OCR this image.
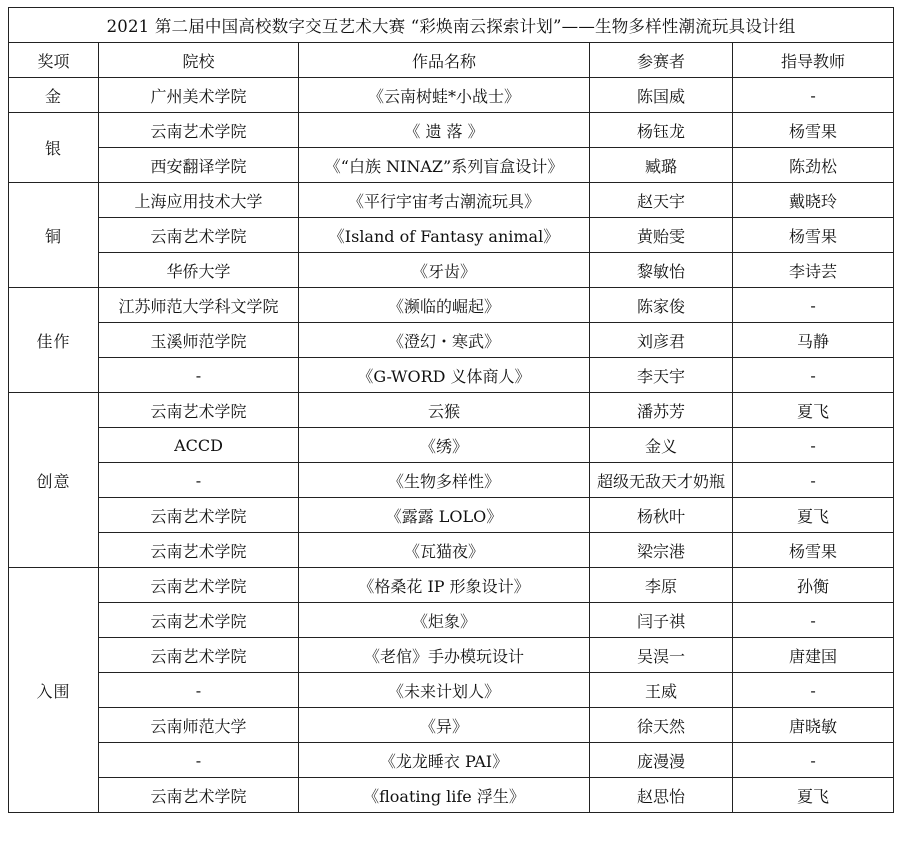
2021 第二届中国高校数字交互艺术大赛 “彩焕南云探索计划”——生物多样性潮流玩具设计组				
奖项	院校	作品名称	参赛者	指导教师
金	广州美术学院	《云南树蛙*小战士》	陈国威	-
银	云南艺术学院	《 遗 落 》	杨钰龙	杨雪果
	西安翻译学院	《“白族 NINAZ”系列盲盒设计》	臧璐	陈劲松
铜	上海应用技术大学	《平行宇宙考古潮流玩具》	赵天宇	戴晓玲
	云南艺术学院	《Island of Fantasy animal》	黄贻雯	杨雪果
	华侨大学	《牙齿》	黎敏怡	李诗芸
佳作	江苏师范大学科文学院	《濒临的崛起》	陈家俊	-
	玉溪师范学院	《澄幻・寒武》	刘彦君	马静
	-	《G-WORD 义体商人》	李天宇	-
创意	云南艺术学院	云猴	潘苏芳	夏飞
	ACCD	《绣》	金义	-
	-	《生物多样性》	超级无敌天才奶瓶	-
	云南艺术学院	《露露 LOLO》	杨秋叶	夏飞
	云南艺术学院	《瓦猫夜》	梁宗港	杨雪果
入围	云南艺术学院	《格桑花 IP 形象设计》	李原	孙衡
	云南艺术学院	《炬象》	闫子祺	-
	云南艺术学院	《老倌》手办模玩设计	吴淏一	唐建国
	-	《未来计划人》	王威	-
	云南师范大学	《异》	徐天然	唐晓敏
	-	《龙龙睡衣 PAI》	庞漫漫	-
	云南艺术学院	《floating life 浮生》	赵思怡	夏飞
